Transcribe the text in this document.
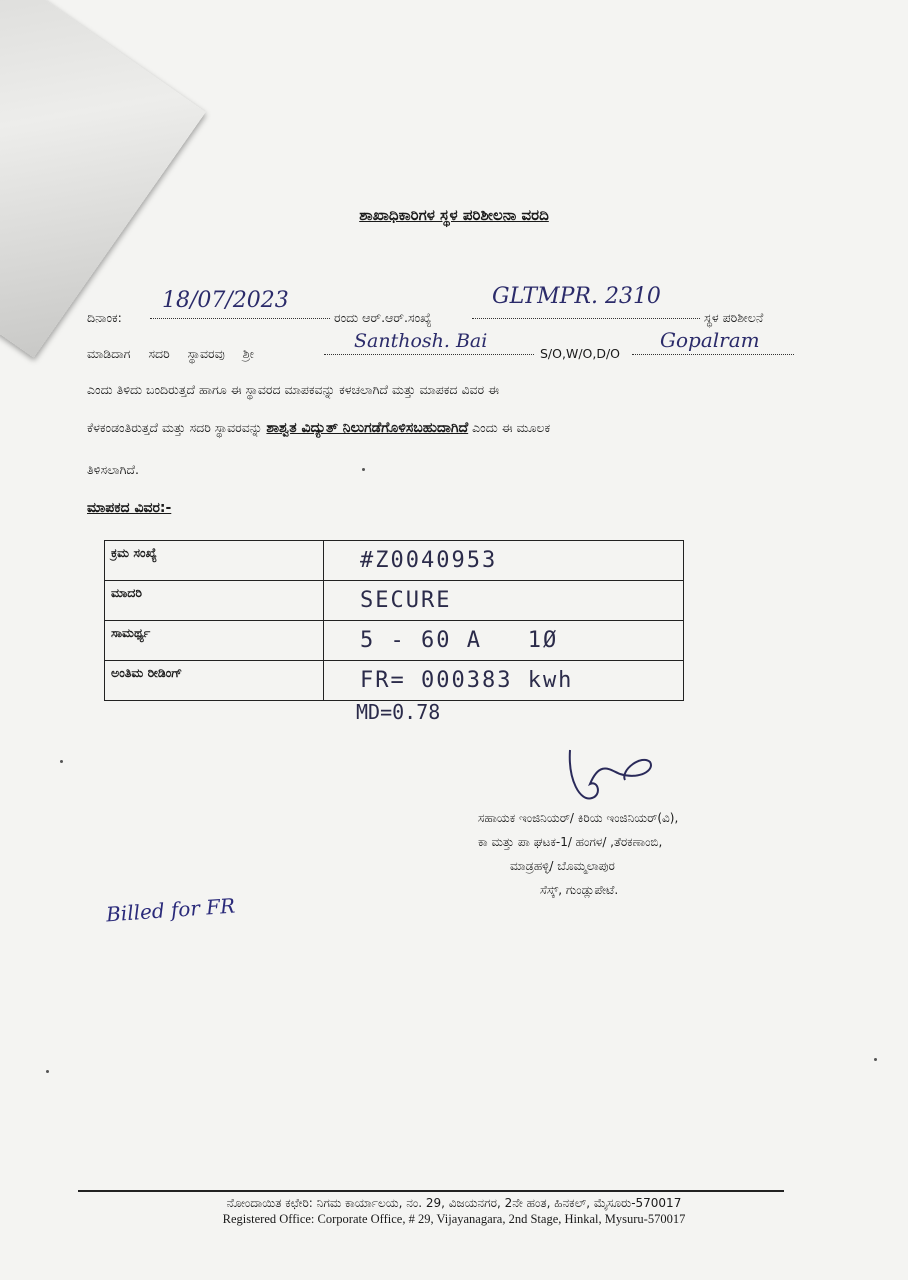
ಶಾಖಾಧಿಕಾರಿಗಳ ಸ್ಥಳ ಪರಿಶೀಲನಾ ವರದಿ
ದಿನಾಂಕ:
18/07/2023
ರಂದು ಆರ್.ಆರ್.ಸಂಖ್ಯೆ
GLTMPR. 2310
ಸ್ಥಳ ಪರಿಶೀಲನೆ
ಮಾಡಿದಾಗ ಸದರಿ ಸ್ಥಾವರವು ಶ್ರೀ
Santhosh. Bai
S/O,W/O,D/O
Gopalram
ಎಂದು ತಿಳಿದು ಬಂದಿರುತ್ತದೆ ಹಾಗೂ ಈ ಸ್ಥಾವರದ ಮಾಪಕವನ್ನು ಕಳಚಲಾಗಿದೆ ಮತ್ತು ಮಾಪಕದ ವಿವರ ಈ
ಕೆಳಕಂಡಂತಿರುತ್ತದೆ ಮತ್ತು ಸದರಿ ಸ್ಥಾವರವನ್ನು ಶಾಶ್ವತ ವಿದ್ಯುತ್ ನಿಲುಗಡೆಗೊಳಿಸಬಹುದಾಗಿದೆ ಎಂದು ಈ ಮೂಲಕ
ತಿಳಿಸಲಾಗಿದೆ.
ಮಾಪಕದ ವಿವರ:-
ಕ್ರಮ ಸಂಖ್ಯೆ	#Z0040953
ಮಾದರಿ	SECURE
ಸಾಮರ್ಥ್ಯ	5 - 60 A   1Ø
ಅಂತಿಮ ರೀಡಿಂಗ್	FR= 000383 kwh
MD=0.78
ಸಹಾಯಕ ಇಂಜಿನಿಯರ್/ ಕಿರಿಯ ಇಂಜಿನಿಯರ್(ವಿ),
ಕಾ ಮತ್ತು ಪಾ ಘಟಕ-1/ ಹಂಗಳ/ ,ತೆರಕಣಾಂಬಿ,
ಮಾಡ್ರಹಳ್ಳಿ/ ಬೊಮ್ಮಲಾಪುರ
ಸೆಸ್ಕ್, ಗುಂಡ್ಲುಪೇಟೆ.
Billed for FR
ನೋಂದಾಯಿತ ಕಛೇರಿ: ನಿಗಮ ಕಾರ್ಯಾಲಯ, ನಂ. 29, ವಿಜಯನಗರ, 2ನೇ ಹಂತ, ಹಿನಕಲ್, ಮೈಸೂರು-570017
Registered Office: Corporate Office, # 29, Vijayanagara, 2nd Stage, Hinkal, Mysuru-570017
